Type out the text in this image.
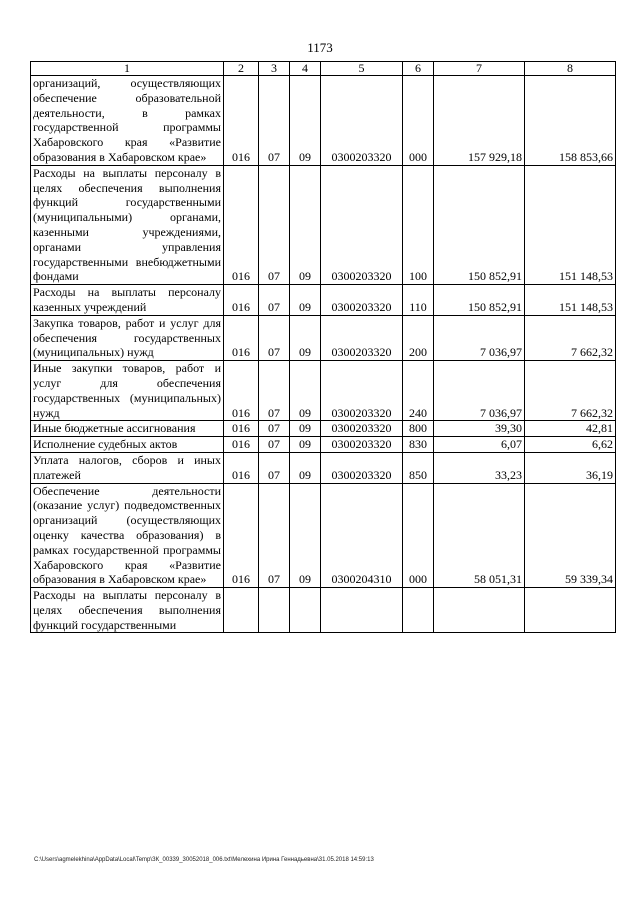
1173
1	2	3	4	5	6	7	8
организаций, осуществляющих обеспечение образовательной деятельности, в рамках государственной программы Хабаровского края «Развитие образования в Хабаровском крае»	016	07	09	0300203320	000	157 929,18	158 853,66
Расходы на выплаты персоналу в целях обеспечения выполнения функций государственными (муниципальными) органами, казенными учреждениями, органами управления государственными внебюджетными фондами	016	07	09	0300203320	100	150 852,91	151 148,53
Расходы на выплаты персоналу казенных учреждений	016	07	09	0300203320	110	150 852,91	151 148,53
Закупка товаров, работ и услуг для обеспечения государственных (муниципальных) нужд	016	07	09	0300203320	200	7 036,97	7 662,32
Иные закупки товаров, работ и услуг для обеспечения государственных (муниципальных) нужд	016	07	09	0300203320	240	7 036,97	7 662,32
Иные бюджетные ассигнования	016	07	09	0300203320	800	39,30	42,81
Исполнение судебных актов	016	07	09	0300203320	830	6,07	6,62
Уплата налогов, сборов и иных платежей	016	07	09	0300203320	850	33,23	36,19
Обеспечение деятельности (оказание услуг) подведомственных организаций (осуществляющих оценку качества образования) в рамках государственной программы Хабаровского края «Развитие образования в Хабаровском крае»	016	07	09	0300204310	000	58 051,31	59 339,34
Расходы на выплаты персоналу в целях обеспечения выполнения функций государственными							
C:\Users\agmelekhina\AppData\Local\Temp\ЗК_00339_30052018_006.txt\Мелехина Ирина Геннадьевна\31.05.2018 14:59:13
